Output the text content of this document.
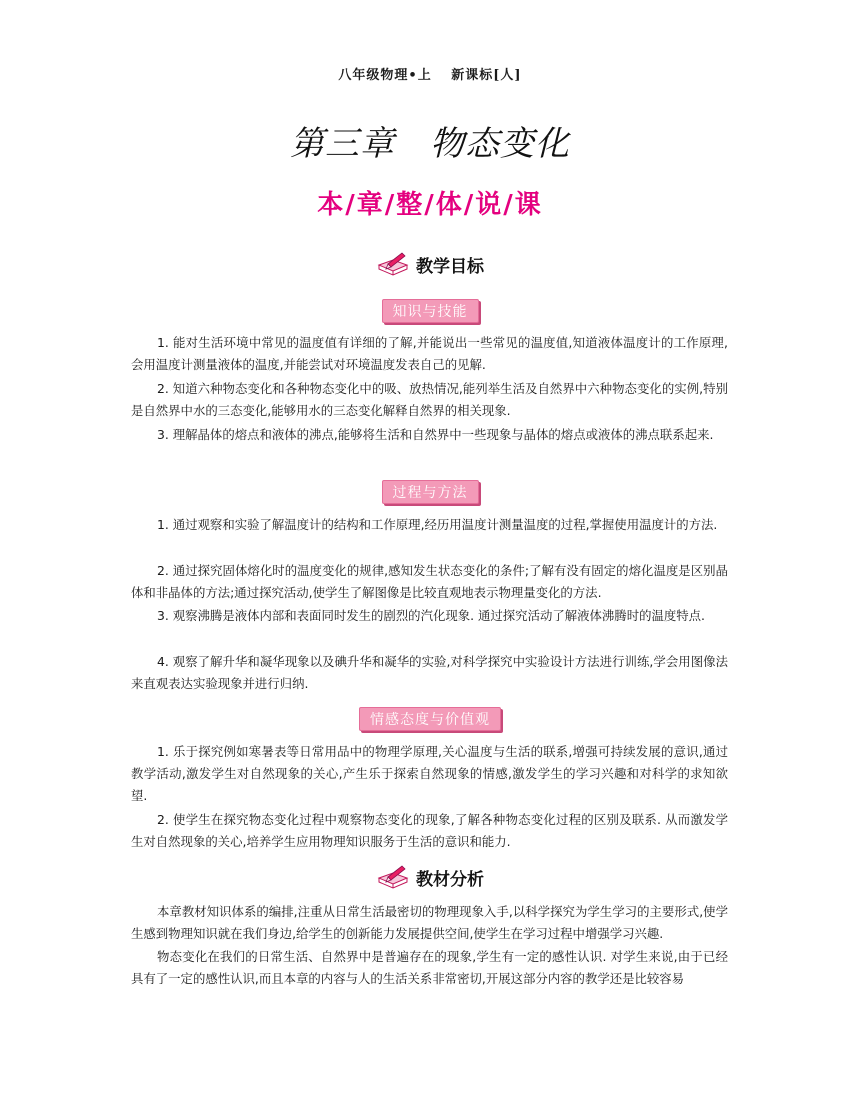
八年级物理•上　 新课标[人]
第三章　物态变化
本/章/整/体/说/课
教学目标
知识与技能

1. 能对生活环境中常见的温度值有详细的了解,并能说出一些常见的温度值,知道液体温度计的工作原理,会用温度计测量液体的温度,并能尝试对环境温度发表自己的见解.

2. 知道六种物态变化和各种物态变化中的吸、放热情况,能列举生活及自然界中六种物态变化的实例,特别是自然界中水的三态变化,能够用水的三态变化解释自然界的相关现象.

3. 理解晶体的熔点和液体的沸点,能够将生活和自然界中一些现象与晶体的熔点或液体的沸点联系起来.

过程与方法

1. 通过观察和实验了解温度计的结构和工作原理,经历用温度计测量温度的过程,掌握使用温度计的方法.

2. 通过探究固体熔化时的温度变化的规律,感知发生状态变化的条件;了解有没有固定的熔化温度是区别晶体和非晶体的方法;通过探究活动,使学生了解图像是比较直观地表示物理量变化的方法.

3. 观察沸腾是液体内部和表面同时发生的剧烈的汽化现象. 通过探究活动了解液体沸腾时的温度特点.

4. 观察了解升华和凝华现象以及碘升华和凝华的实验,对科学探究中实验设计方法进行训练,学会用图像法来直观表达实验现象并进行归纳.

情感态度与价值观

1. 乐于探究例如寒暑表等日常用品中的物理学原理,关心温度与生活的联系,增强可持续发展的意识,通过教学活动,激发学生对自然现象的关心,产生乐于探索自然现象的情感,激发学生的学习兴趣和对科学的求知欲望.

2. 使学生在探究物态变化过程中观察物态变化的现象,了解各种物态变化过程的区别及联系. 从而激发学生对自然现象的关心,培养学生应用物理知识服务于生活的意识和能力.

教材分析

本章教材知识体系的编排,注重从日常生活最密切的物理现象入手,以科学探究为学生学习的主要形式,使学生感到物理知识就在我们身边,给学生的创新能力发展提供空间,使学生在学习过程中增强学习兴趣.

物态变化在我们的日常生活、自然界中是普遍存在的现象,学生有一定的感性认识. 对学生来说,由于已经具有了一定的感性认识,而且本章的内容与人的生活关系非常密切,开展这部分内容的教学还是比较容易
